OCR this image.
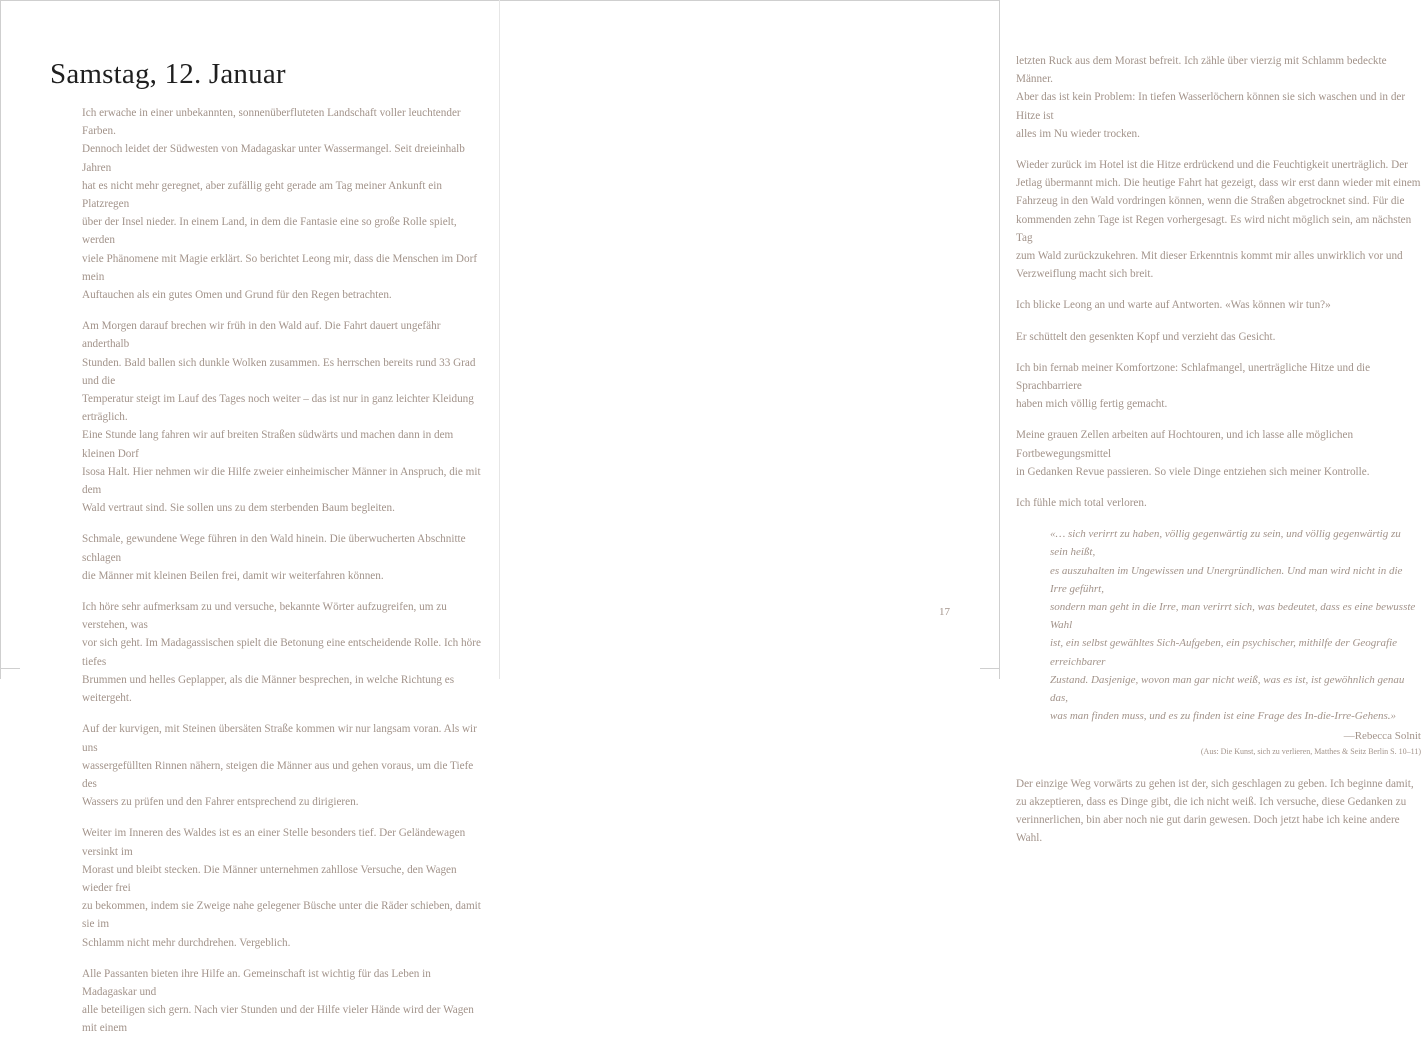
Samstag, 12. Januar

Ich erwache in einer unbekannten, sonnenüberfluteten Landschaft voller leuchtender Farben.
Dennoch leidet der Südwesten von Madagaskar unter Wassermangel. Seit dreieinhalb Jahren
hat es nicht mehr geregnet, aber zufällig geht gerade am Tag meiner Ankunft ein Platzregen
über der Insel nieder. In einem Land, in dem die Fantasie eine so große Rolle spielt, werden
viele Phänomene mit Magie erklärt. So berichtet Leong mir, dass die Menschen im Dorf mein
Auftauchen als ein gutes Omen und Grund für den Regen betrachten.

Am Morgen darauf brechen wir früh in den Wald auf. Die Fahrt dauert ungefähr anderthalb
Stunden. Bald ballen sich dunkle Wolken zusammen. Es herrschen bereits rund 33 Grad und die
Temperatur steigt im Lauf des Tages noch weiter – das ist nur in ganz leichter Kleidung erträglich.
Eine Stunde lang fahren wir auf breiten Straßen südwärts und machen dann in dem kleinen Dorf
Isosa Halt. Hier nehmen wir die Hilfe zweier einheimischer Männer in Anspruch, die mit dem
Wald vertraut sind. Sie sollen uns zu dem sterbenden Baum begleiten.

Schmale, gewundene Wege führen in den Wald hinein. Die überwucherten Abschnitte schlagen
die Männer mit kleinen Beilen frei, damit wir weiterfahren können.

Ich höre sehr aufmerksam zu und versuche, bekannte Wörter aufzugreifen, um zu verstehen, was
vor sich geht. Im Madagassischen spielt die Betonung eine entscheidende Rolle. Ich höre tiefes
Brummen und helles Geplapper, als die Männer besprechen, in welche Richtung es weitergeht.

Auf der kurvigen, mit Steinen übersäten Straße kommen wir nur langsam voran. Als wir uns
wassergefüllten Rinnen nähern, steigen die Männer aus und gehen voraus, um die Tiefe des
Wassers zu prüfen und den Fahrer entsprechend zu dirigieren.

Weiter im Inneren des Waldes ist es an einer Stelle besonders tief. Der Geländewagen versinkt im
Morast und bleibt stecken. Die Männer unternehmen zahllose Versuche, den Wagen wieder frei
zu bekommen, indem sie Zweige nahe gelegener Büsche unter die Räder schieben, damit sie im
Schlamm nicht mehr durchdrehen. Vergeblich.

Alle Passanten bieten ihre Hilfe an. Gemeinschaft ist wichtig für das Leben in Madagaskar und
alle beteiligen sich gern. Nach vier Stunden und der Hilfe vieler Hände wird der Wagen mit einem

letzten Ruck aus dem Morast befreit. Ich zähle über vierzig mit Schlamm bedeckte Männer.
Aber das ist kein Problem: In tiefen Wasserlöchern können sie sich waschen und in der Hitze ist
alles im Nu wieder trocken.

Wieder zurück im Hotel ist die Hitze erdrückend und die Feuchtigkeit unerträglich. Der
Jetlag übermannt mich. Die heutige Fahrt hat gezeigt, dass wir erst dann wieder mit einem
Fahrzeug in den Wald vordringen können, wenn die Straßen abgetrocknet sind. Für die
kommenden zehn Tage ist Regen vorhergesagt. Es wird nicht möglich sein, am nächsten Tag
zum Wald zurückzukehren. Mit dieser Erkenntnis kommt mir alles unwirklich vor und
Verzweiflung macht sich breit.

Ich blicke Leong an und warte auf Antworten. «Was können wir tun?»

Er schüttelt den gesenkten Kopf und verzieht das Gesicht.

Ich bin fernab meiner Komfortzone: Schlafmangel, unerträgliche Hitze und die Sprachbarriere
haben mich völlig fertig gemacht.

Meine grauen Zellen arbeiten auf Hochtouren, und ich lasse alle möglichen Fortbewegungsmittel
in Gedanken Revue passieren. So viele Dinge entziehen sich meiner Kontrolle.

Ich fühle mich total verloren.

«… sich verirrt zu haben, völlig gegenwärtig zu sein, und völlig gegenwärtig zu sein heißt,
es auszuhalten im Ungewissen und Unergründlichen. Und man wird nicht in die Irre geführt,
sondern man geht in die Irre, man verirrt sich, was bedeutet, dass es eine bewusste Wahl
ist, ein selbst gewähltes Sich-Aufgeben, ein psychischer, mithilfe der Geografie erreichbarer
Zustand. Dasjenige, wovon man gar nicht weiß, was es ist, ist gewöhnlich genau das,
was man finden muss, und es zu finden ist eine Frage des In-die-Irre-Gehens.»
—Rebecca Solnit
(Aus: Die Kunst, sich zu verlieren, Matthes & Seitz Berlin S. 10–11)

Der einzige Weg vorwärts zu gehen ist der, sich geschlagen zu geben. Ich beginne damit,
zu akzeptieren, dass es Dinge gibt, die ich nicht weiß. Ich versuche, diese Gedanken zu
verinnerlichen, bin aber noch nie gut darin gewesen. Doch jetzt habe ich keine andere Wahl.

17
